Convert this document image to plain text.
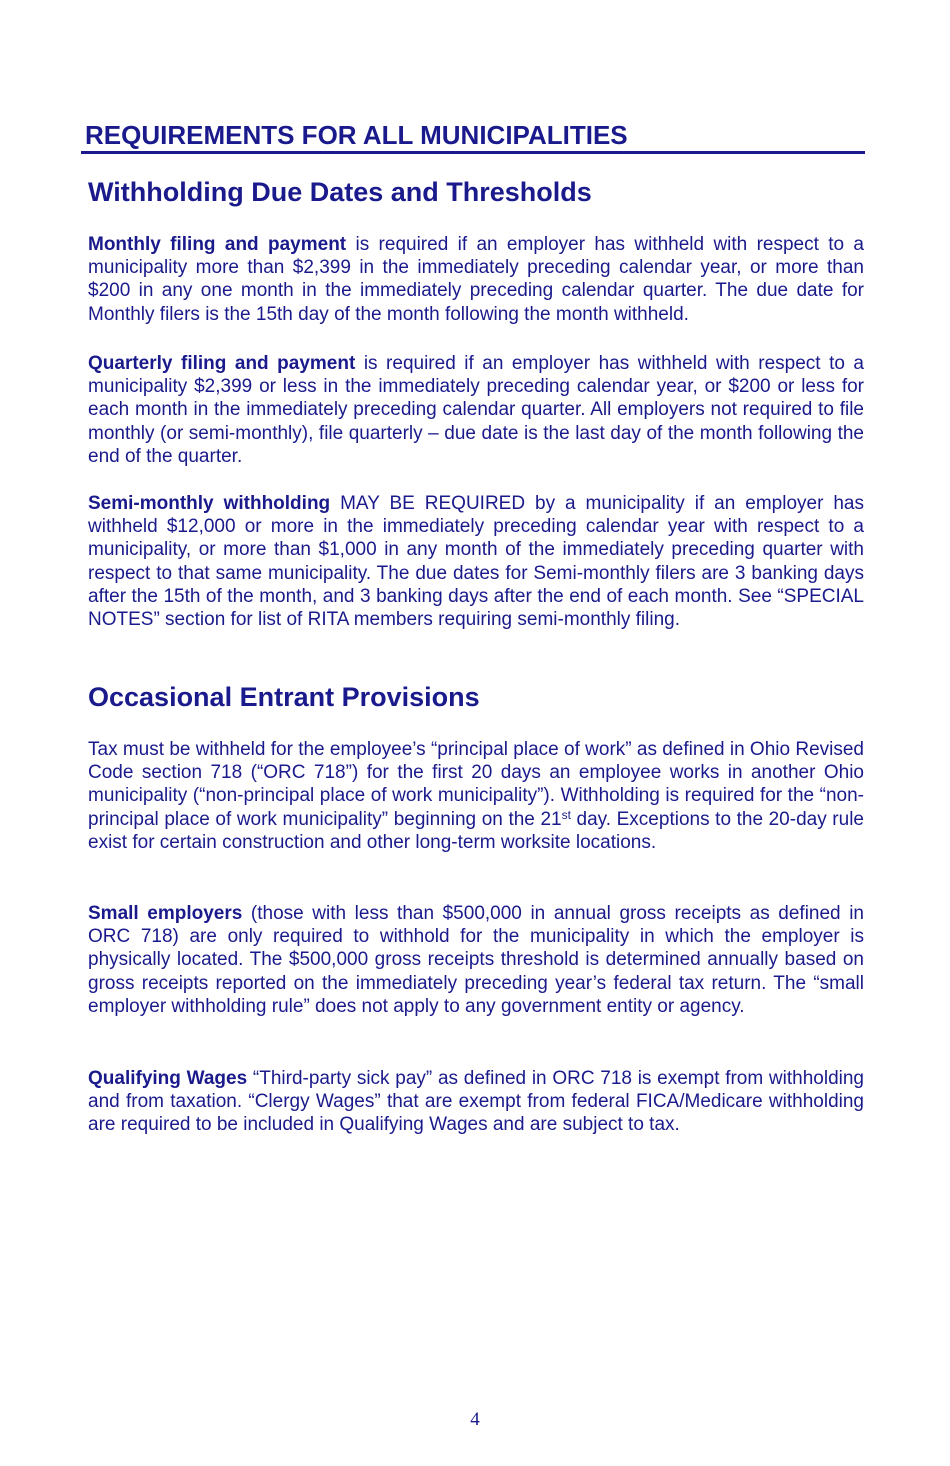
REQUIREMENTS FOR ALL MUNICIPALITIES
Withholding Due Dates and Thresholds

Monthly filing and payment is required if an employer has withheld with respect to a municipality more than $2,399 in the immediately preceding calendar year, or more than $200 in any one month in the immediately preceding calendar quarter. The due date for Monthly filers is the 15th day of the month following the month withheld.

Quarterly filing and payment is required if an employer has withheld with respect to a municipality $2,399 or less in the immediately preceding calendar year, or $200 or less for each month in the immediately preceding calendar quarter. All employers not required to file monthly (or semi-monthly), file quarterly – due date is the last day of the month following the end of the quarter.

Semi-monthly withholding MAY BE REQUIRED by a municipality if an employer has withheld $12,000 or more in the immediately preceding calendar year with respect to a municipality, or more than $1,000 in any month of the immediately preceding quarter with respect to that same municipality. The due dates for Semi-monthly filers are 3 banking days after the 15th of the month, and 3 banking days after the end of each month. See “SPECIAL NOTES” section for list of RITA members requiring semi-monthly filing.

Occasional Entrant Provisions

Tax must be withheld for the employee’s “principal place of work” as defined in Ohio Revised Code section 718 (“ORC 718”) for the first 20 days an employee works in another Ohio municipality (“non-principal place of work municipality”). Withholding is required for the “non-principal place of work municipality” beginning on the 21st day. Exceptions to the 20-day rule exist for certain construction and other long-term worksite locations.

Small employers (those with less than $500,000 in annual gross receipts as defined in ORC 718) are only required to withhold for the municipality in which the employer is physically located. The $500,000 gross receipts threshold is determined annually based on gross receipts reported on the immediately preceding year’s federal tax return. The “small employer withholding rule” does not apply to any government entity or agency.

Qualifying Wages “Third-party sick pay” as defined in ORC 718 is exempt from withholding and from taxation. “Clergy Wages” that are exempt from federal FICA/Medicare withholding are required to be included in Qualifying Wages and are subject to tax.

4
